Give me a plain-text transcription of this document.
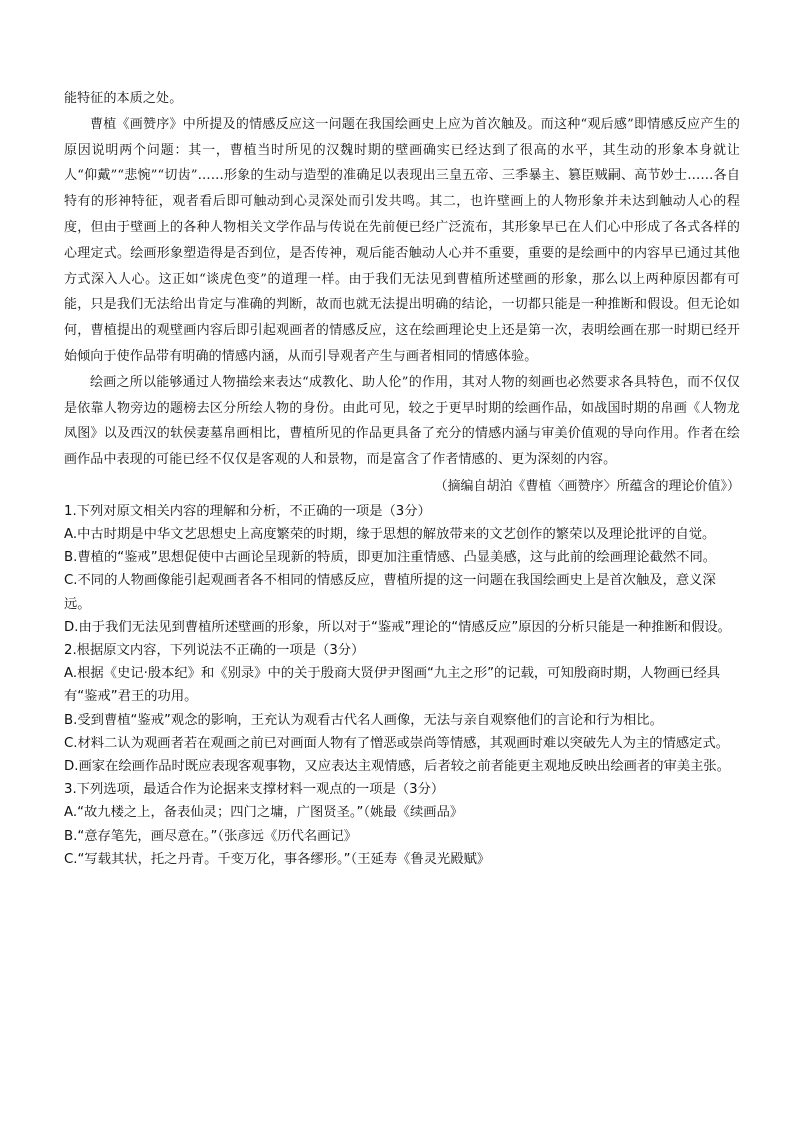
能特征的本质之处。

曹植《画赞序》中所提及的情感反应这一问题在我国绘画史上应为首次触及。而这种“观后感”即情感反应产生的原因说明两个问题：其一，曹植当时所见的汉魏时期的壁画确实已经达到了很高的水平，其生动的形象本身就让人“仰戴”“悲惋”“切齿”……形象的生动与造型的准确足以表现出三皇五帝、三季暴主、篡臣贼嗣、高节妙士……各自特有的形神特征，观者看后即可触动到心灵深处而引发共鸣。其二，也许壁画上的人物形象并未达到触动人心的程度，但由于壁画上的各种人物相关文学作品与传说在先前便已经广泛流布，其形象早已在人们心中形成了各式各样的心理定式。绘画形象塑造得是否到位，是否传神，观后能否触动人心并不重要，重要的是绘画中的内容早已通过其他方式深入人心。这正如“谈虎色变”的道理一样。由于我们无法见到曹植所述壁画的形象，那么以上两种原因都有可能，只是我们无法给出肯定与准确的判断，故而也就无法提出明确的结论，一切都只能是一种推断和假设。但无论如何，曹植提出的观壁画内容后即引起观画者的情感反应，这在绘画理论史上还是第一次，表明绘画在那一时期已经开始倾向于使作品带有明确的情感内涵，从而引导观者产生与画者相同的情感体验。

绘画之所以能够通过人物描绘来表达“成教化、助人伦”的作用，其对人物的刻画也必然要求各具特色，而不仅仅是依靠人物旁边的题榜去区分所绘人物的身份。由此可见，较之于更早时期的绘画作品，如战国时期的帛画《人物龙凤图》以及西汉的轪侯妻墓帛画相比，曹植所见的作品更具备了充分的情感内涵与审美价值观的导向作用。作者在绘画作品中表现的可能已经不仅仅是客观的人和景物，而是富含了作者情感的、更为深刻的内容。

（摘编自胡泊《曹植〈画赞序〉所蕴含的理论价值》）

1.下列对原文相关内容的理解和分析，不正确的一项是（3分）

A.中古时期是中华文艺思想史上高度繁荣的时期，缘于思想的解放带来的文艺创作的繁荣以及理论批评的自觉。

B.曹植的“鉴戒”思想促使中古画论呈现新的特质，即更加注重情感、凸显美感，这与此前的绘画理论截然不同。

C.不同的人物画像能引起观画者各不相同的情感反应，曹植所提的这一问题在我国绘画史上是首次触及，意义深远。

D.由于我们无法见到曹植所述壁画的形象，所以对于“鉴戒”理论的“情感反应”原因的分析只能是一种推断和假设。

2.根据原文内容，下列说法不正确的一项是（3分）

A.根据《史记·殷本纪》和《别录》中的关于殷商大贤伊尹图画“九主之形”的记载，可知殷商时期，人物画已经具有“鉴戒”君王的功用。

B.受到曹植“鉴戒”观念的影响，王充认为观看古代名人画像，无法与亲自观察他们的言论和行为相比。

C.材料二认为观画者若在观画之前已对画面人物有了憎恶或崇尚等情感，其观画时难以突破先人为主的情感定式。

D.画家在绘画作品时既应表现客观事物，又应表达主观情感，后者较之前者能更主观地反映出绘画者的审美主张。

3.下列选项，最适合作为论据来支撑材料一观点的一项是（3分）

A.“故九楼之上，备表仙灵；四门之墉，广图贤圣。”（姚最《续画品》

B.“意存笔先，画尽意在。”（张彦远《历代名画记》

C.“写载其状，托之丹青。千变万化，事各缪形。”（王延寿《鲁灵光殿赋》
